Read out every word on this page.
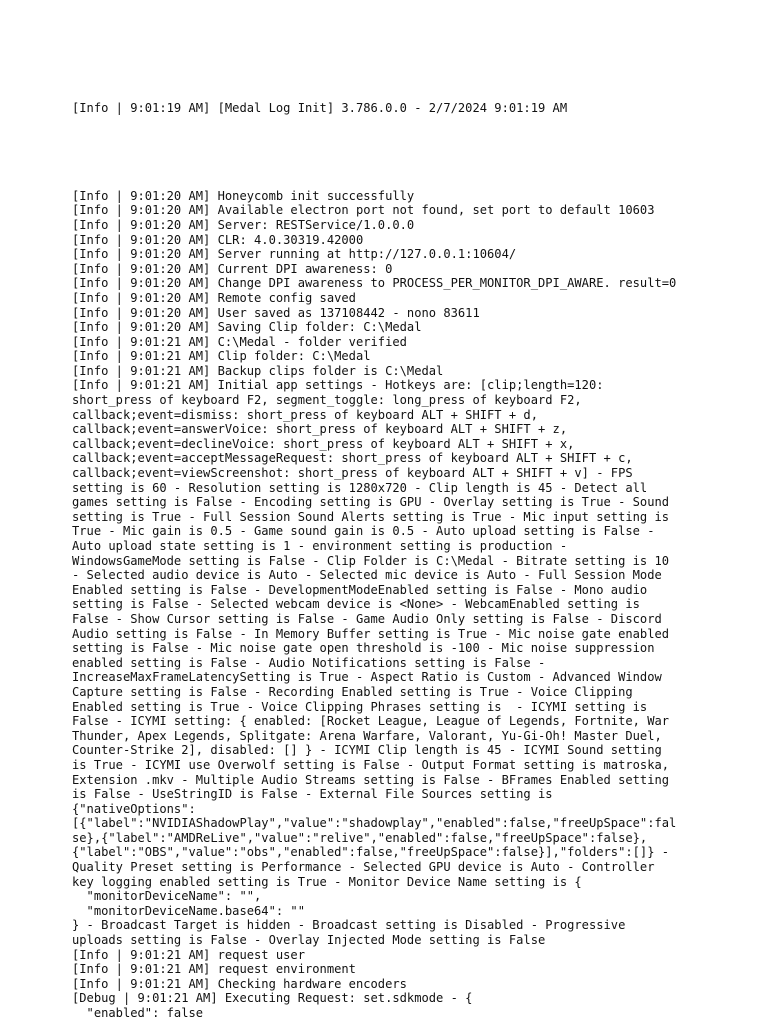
[Info | 9:01:19 AM] [Medal Log Init] 3.786.0.0 - 2/7/2024 9:01:19 AM

[Info | 9:01:20 AM] Honeycomb init successfully
[Info | 9:01:20 AM] Available electron port not found, set port to default 10603
[Info | 9:01:20 AM] Server: RESTService/1.0.0.0
[Info | 9:01:20 AM] CLR: 4.0.30319.42000
[Info | 9:01:20 AM] Server running at http://127.0.0.1:10604/
[Info | 9:01:20 AM] Current DPI awareness: 0
[Info | 9:01:20 AM] Change DPI awareness to PROCESS_PER_MONITOR_DPI_AWARE. result=0
[Info | 9:01:20 AM] Remote config saved
[Info | 9:01:20 AM] User saved as 137108442 - nono 83611
[Info | 9:01:20 AM] Saving Clip folder: C:\Medal
[Info | 9:01:21 AM] C:\Medal - folder verified
[Info | 9:01:21 AM] Clip folder: C:\Medal
[Info | 9:01:21 AM] Backup clips folder is C:\Medal
[Info | 9:01:21 AM] Initial app settings - Hotkeys are: [clip;length=120:
short_press of keyboard F2, segment_toggle: long_press of keyboard F2,
callback;event=dismiss: short_press of keyboard ALT + SHIFT + d,
callback;event=answerVoice: short_press of keyboard ALT + SHIFT + z,
callback;event=declineVoice: short_press of keyboard ALT + SHIFT + x,
callback;event=acceptMessageRequest: short_press of keyboard ALT + SHIFT + c,
callback;event=viewScreenshot: short_press of keyboard ALT + SHIFT + v] - FPS
setting is 60 - Resolution setting is 1280x720 - Clip length is 45 - Detect all
games setting is False - Encoding setting is GPU - Overlay setting is True - Sound
setting is True - Full Session Sound Alerts setting is True - Mic input setting is
True - Mic gain is 0.5 - Game sound gain is 0.5 - Auto upload setting is False -
Auto upload state setting is 1 - environment setting is production -
WindowsGameMode setting is False - Clip Folder is C:\Medal - Bitrate setting is 10
- Selected audio device is Auto - Selected mic device is Auto - Full Session Mode
Enabled setting is False - DevelopmentModeEnabled setting is False - Mono audio
setting is False - Selected webcam device is <None> - WebcamEnabled setting is
False - Show Cursor setting is False - Game Audio Only setting is False - Discord
Audio setting is False - In Memory Buffer setting is True - Mic noise gate enabled
setting is False - Mic noise gate open threshold is -100 - Mic noise suppression
enabled setting is False - Audio Notifications setting is False -
IncreaseMaxFrameLatencySetting is True - Aspect Ratio is Custom - Advanced Window
Capture setting is False - Recording Enabled setting is True - Voice Clipping
Enabled setting is True - Voice Clipping Phrases setting is  - ICYMI setting is
False - ICYMI setting: { enabled: [Rocket League, League of Legends, Fortnite, War
Thunder, Apex Legends, Splitgate: Arena Warfare, Valorant, Yu-Gi-Oh! Master Duel,
Counter-Strike 2], disabled: [] } - ICYMI Clip length is 45 - ICYMI Sound setting
is True - ICYMI use Overwolf setting is False - Output Format setting is matroska,
Extension .mkv - Multiple Audio Streams setting is False - BFrames Enabled setting
is False - UseStringID is False - External File Sources setting is
{"nativeOptions":
[{"label":"NVIDIAShadowPlay","value":"shadowplay","enabled":false,"freeUpSpace":fal
se},{"label":"AMDReLive","value":"relive","enabled":false,"freeUpSpace":false},
{"label":"OBS","value":"obs","enabled":false,"freeUpSpace":false}],"folders":[]} -
Quality Preset setting is Performance - Selected GPU device is Auto - Controller
key logging enabled setting is True - Monitor Device Name setting is {
"monitorDeviceName": "",
"monitorDeviceName.base64": ""
} - Broadcast Target is hidden - Broadcast setting is Disabled - Progressive
uploads setting is False - Overlay Injected Mode setting is False
[Info | 9:01:21 AM] request user
[Info | 9:01:21 AM] request environment
[Info | 9:01:21 AM] Checking hardware encoders
[Debug | 9:01:21 AM] Executing Request: set.sdkmode - {
"enabled": false
